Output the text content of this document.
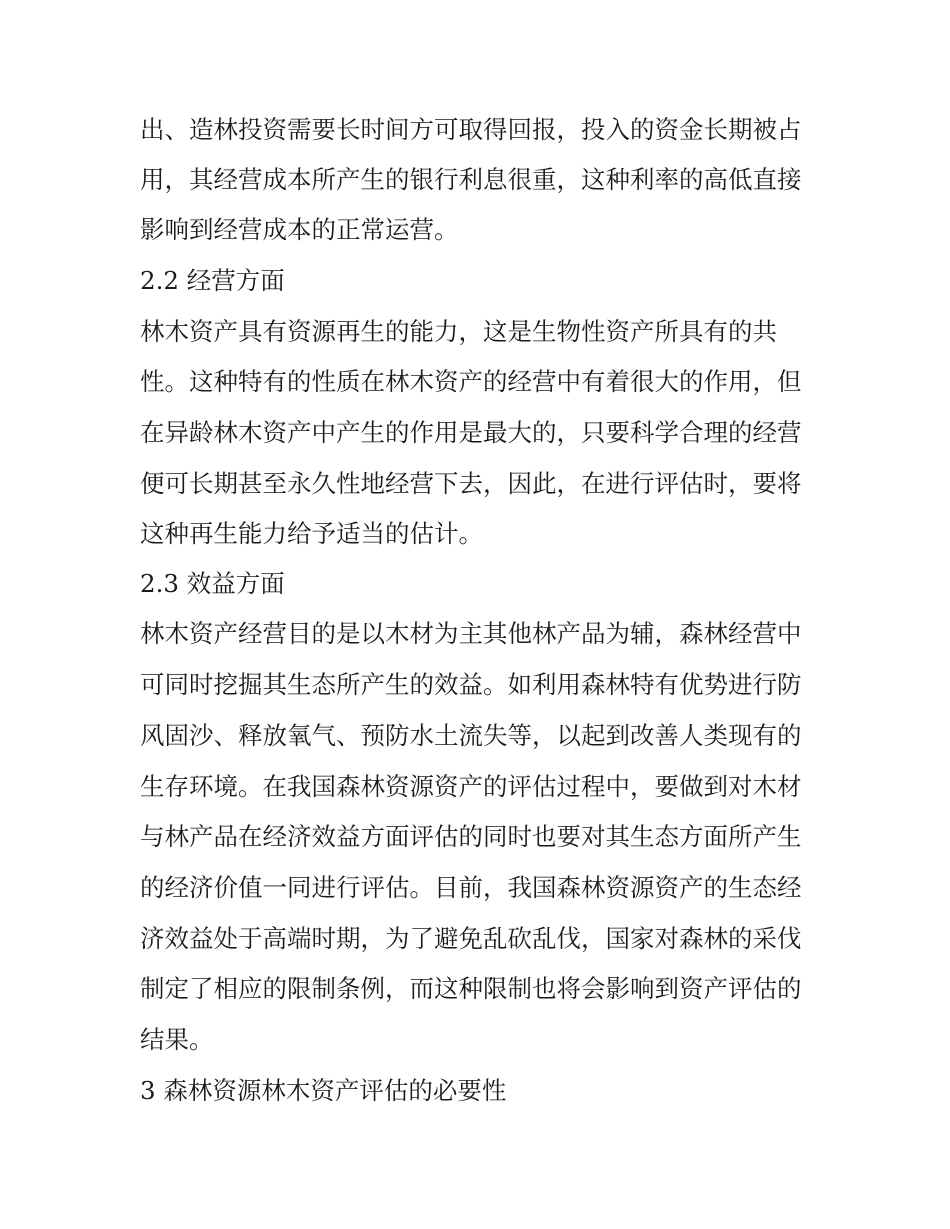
出、造林投资需要长时间方可取得回报，投入的资金长期被占
用，其经营成本所产生的银行利息很重，这种利率的高低直接
影响到经营成本的正常运营。
2.2 经营方面
林木资产具有资源再生的能力，这是生物性资产所具有的共
性。这种特有的性质在林木资产的经营中有着很大的作用，但
在异龄林木资产中产生的作用是最大的，只要科学合理的经营
便可长期甚至永久性地经营下去，因此，在进行评估时，要将
这种再生能力给予适当的估计。
2.3 效益方面
林木资产经营目的是以木材为主其他林产品为辅，森林经营中
可同时挖掘其生态所产生的效益。如利用森林特有优势进行防
风固沙、释放氧气、预防水土流失等，以起到改善人类现有的
生存环境。在我国森林资源资产的评估过程中，要做到对木材
与林产品在经济效益方面评估的同时也要对其生态方面所产生
的经济价值一同进行评估。目前，我国森林资源资产的生态经
济效益处于高端时期，为了避免乱砍乱伐，国家对森林的采伐
制定了相应的限制条例，而这种限制也将会影响到资产评估的
结果。
3 森林资源林木资产评估的必要性
